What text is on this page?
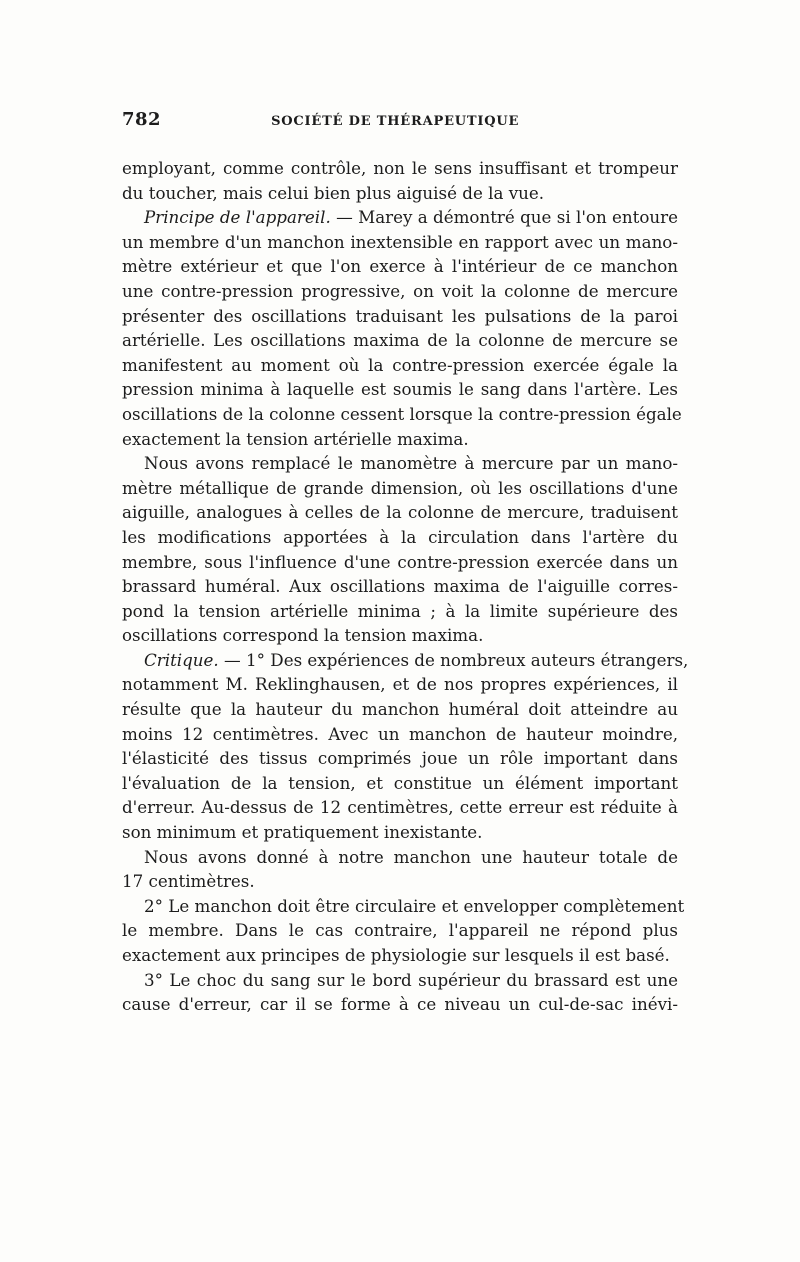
782	SOCIÉTÉ DE THÉRAPEUTIQUE
employant, comme contrôle, non le sens insuffisant et trompeur
du toucher, mais celui bien plus aiguisé de la vue.
Principe de l'appareil. — Marey a démontré que si l'on entoure
un membre d'un manchon inextensible en rapport avec un mano-
mètre extérieur et que l'on exerce à l'intérieur de ce manchon
une contre-pression progressive, on voit la colonne de mercure
présenter des oscillations traduisant les pulsations de la paroi
artérielle. Les oscillations maxima de la colonne de mercure se
manifestent au moment où la contre-pression exercée égale la
pression minima à laquelle est soumis le sang dans l'artère. Les
oscillations de la colonne cessent lorsque la contre-pression égale
exactement la tension artérielle maxima.
Nous avons remplacé le manomètre à mercure par un mano-
mètre métallique de grande dimension, où les oscillations d'une
aiguille, analogues à celles de la colonne de mercure, traduisent
les modifications apportées à la circulation dans l'artère du
membre, sous l'influence d'une contre-pression exercée dans un
brassard huméral. Aux oscillations maxima de l'aiguille corres-
pond la tension artérielle minima ; à la limite supérieure des
oscillations correspond la tension maxima.
Critique. — 1° Des expériences de nombreux auteurs étrangers,
notamment M. Reklinghausen, et de nos propres expériences, il
résulte que la hauteur du manchon huméral doit atteindre au
moins 12 centimètres. Avec un manchon de hauteur moindre,
l'élasticité des tissus comprimés joue un rôle important dans
l'évaluation de la tension, et constitue un élément important
d'erreur. Au-dessus de 12 centimètres, cette erreur est réduite à
son minimum et pratiquement inexistante.
Nous avons donné à notre manchon une hauteur totale de
17 centimètres.
2° Le manchon doit être circulaire et envelopper complètement
le membre. Dans le cas contraire, l'appareil ne répond plus
exactement aux principes de physiologie sur lesquels il est basé.
3° Le choc du sang sur le bord supérieur du brassard est une
cause d'erreur, car il se forme à ce niveau un cul-de-sac inévi-
